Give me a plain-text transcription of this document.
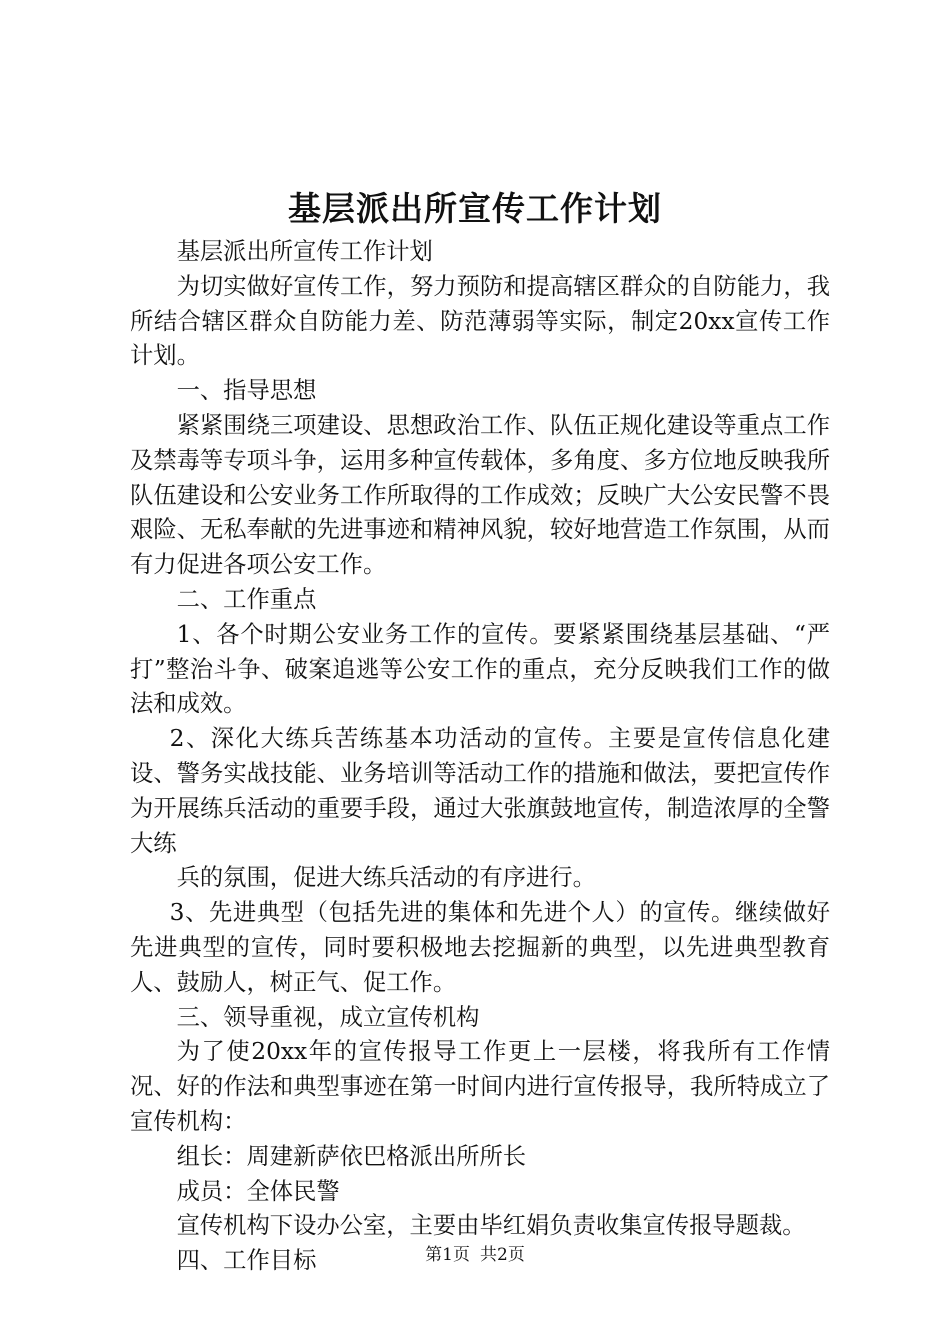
基层派出所宣传工作计划

基层派出所宣传工作计划

为切实做好宣传工作，努力预防和提高辖区群众的自防能力，我所结合辖区群众自防能力差、防范薄弱等实际，制定20xx宣传工作计划。

一、指导思想

紧紧围绕三项建设、思想政治工作、队伍正规化建设等重点工作及禁毒等专项斗争，运用多种宣传载体，多角度、多方位地反映我所队伍建设和公安业务工作所取得的工作成效；反映广大公安民警不畏艰险、无私奉献的先进事迹和精神风貌，较好地营造工作氛围，从而有力促进各项公安工作。

二、工作重点

1、各个时期公安业务工作的宣传。要紧紧围绕基层基础、“严打”整治斗争、破案追逃等公安工作的重点，充分反映我们工作的做法和成效。

2、深化大练兵苦练基本功活动的宣传。主要是宣传信息化建设、警务实战技能、业务培训等活动工作的措施和做法，要把宣传作为开展练兵活动的重要手段，通过大张旗鼓地宣传，制造浓厚的全警大练

兵的氛围，促进大练兵活动的有序进行。

3、先进典型（包括先进的集体和先进个人）的宣传。继续做好先进典型的宣传，同时要积极地去挖掘新的典型，以先进典型教育人、鼓励人，树正气、促工作。

三、领导重视，成立宣传机构

为了使20xx年的宣传报导工作更上一层楼，将我所有工作情况、好的作法和典型事迹在第一时间内进行宣传报导，我所特成立了宣传机构：

组长：周建新萨依巴格派出所所长

成员：全体民警

宣传机构下设办公室，主要由毕红娟负责收集宣传报导题裁。

四、工作目标	第1页 共2页
